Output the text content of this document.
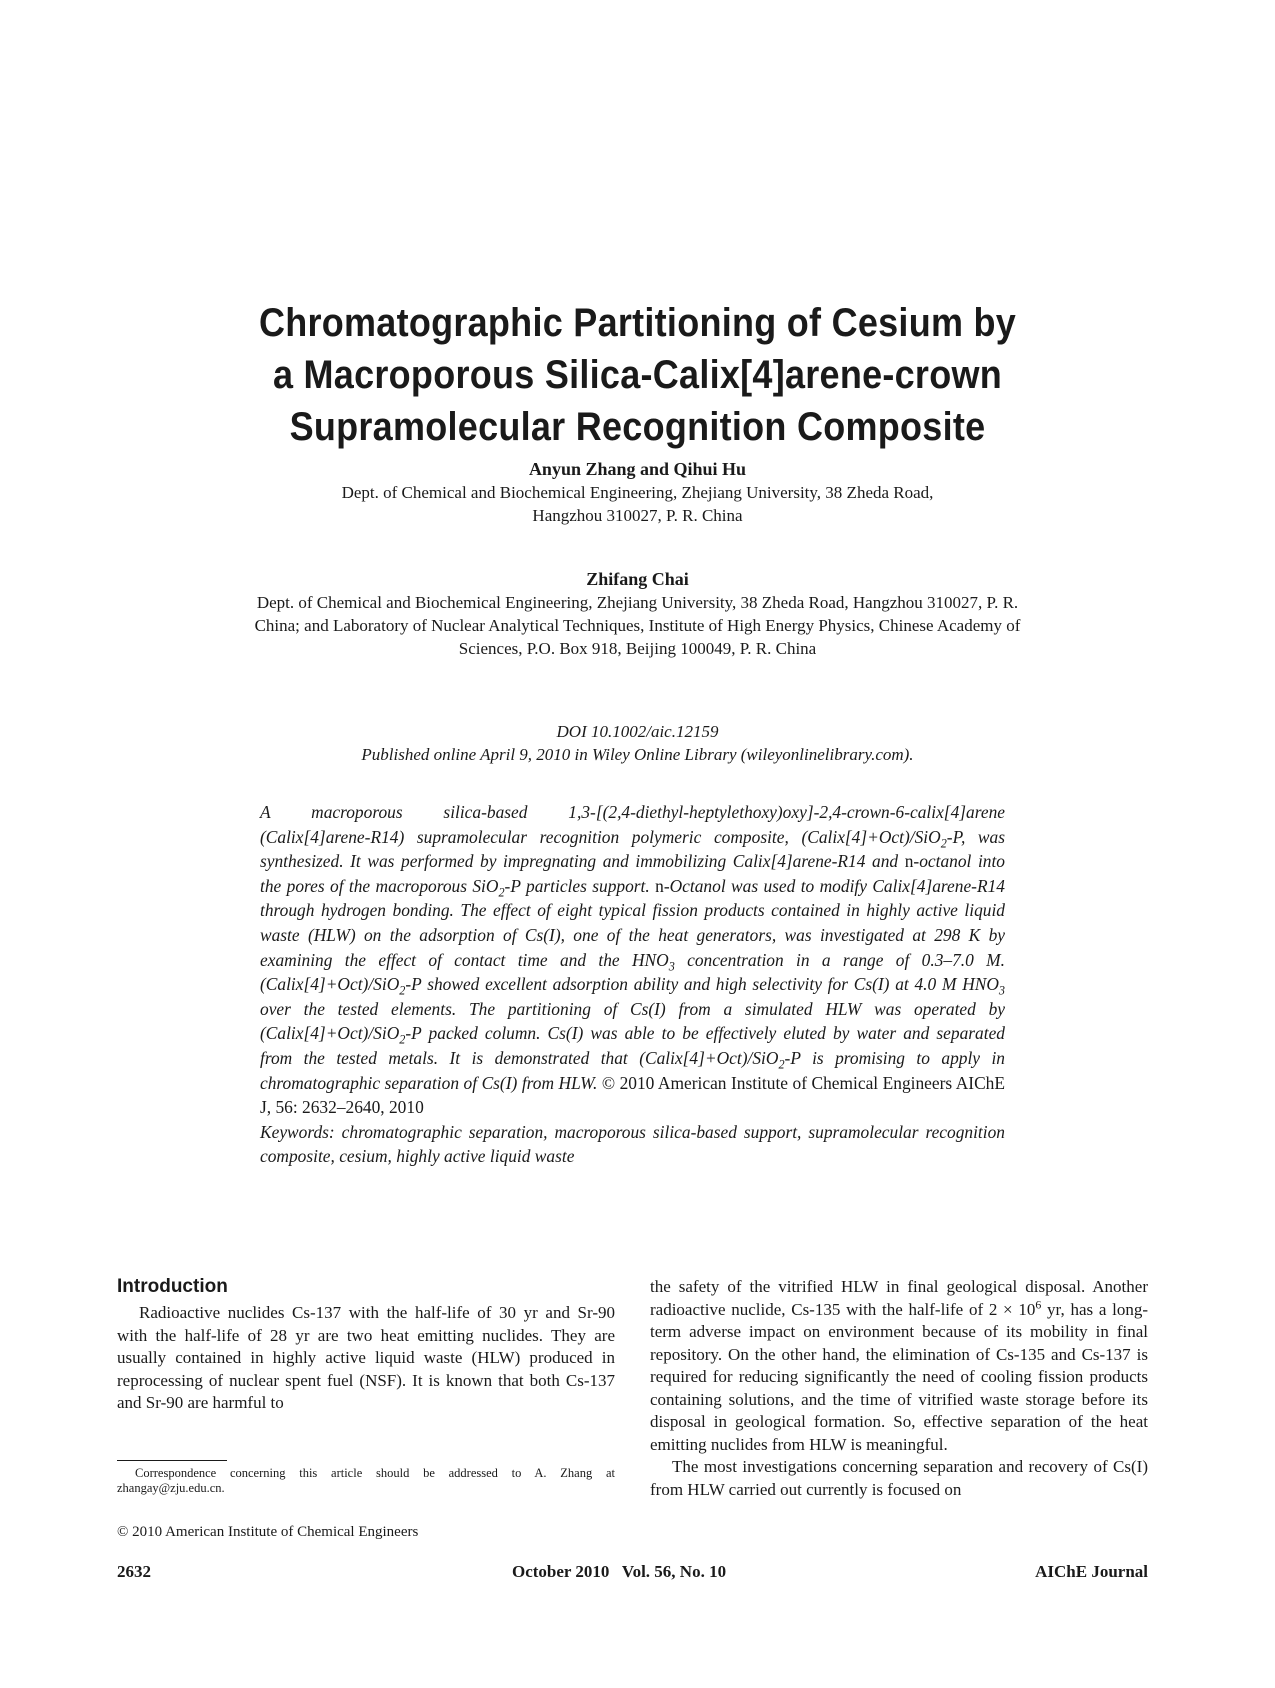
Chromatographic Partitioning of Cesium by
a Macroporous Silica-Calix[4]arene-crown
Supramolecular Recognition Composite
Anyun Zhang and Qihui Hu
Dept. of Chemical and Biochemical Engineering, Zhejiang University, 38 Zheda Road,
Hangzhou 310027, P. R. China
Zhifang Chai
Dept. of Chemical and Biochemical Engineering, Zhejiang University, 38 Zheda Road, Hangzhou 310027, P. R.
China; and Laboratory of Nuclear Analytical Techniques, Institute of High Energy Physics, Chinese Academy of
Sciences, P.O. Box 918, Beijing 100049, P. R. China
DOI 10.1002/aic.12159
Published online April 9, 2010 in Wiley Online Library (wileyonlinelibrary.com).

A macroporous silica-based 1,3-[(2,4-diethyl-heptylethoxy)oxy]-2,4-crown-6-calix[4]arene (Calix[4]arene-R14) supramolecular recognition polymeric composite, (Calix[4]+Oct)/SiO$_2$-P, was synthesized. It was performed by impregnating and immobilizing Calix[4]arene-R14 and n-octanol into the pores of the macroporous SiO$_2$-P particles support. n-Octanol was used to modify Calix[4]arene-R14 through hydrogen bonding. The effect of eight typical fission products contained in highly active liquid waste (HLW) on the adsorption of Cs(I), one of the heat generators, was investigated at 298 K by examining the effect of contact time and the $HNO_3$ concentration in a range of 0.3–7.0 M. (Calix[4]+Oct)/SiO$_2$-P showed excellent adsorption ability and high selectivity for Cs(I) at 4.0 M $HNO_3$ over the tested elements. The partitioning of Cs(I) from a simulated HLW was operated by (Calix[4]+Oct)/SiO$_2$-P packed column. Cs(I) was able to be effectively eluted by water and separated from the tested metals. It is demonstrated that (Calix[4]+Oct)/SiO$_2$-P is promising to apply in chromatographic separation of Cs(I) from HLW. © 2010 American Institute of Chemical Engineers AIChE J, 56: 2632–2640, 2010

Keywords: chromatographic separation, macroporous silica-based support, supramolecular recognition composite, cesium, highly active liquid waste

Introduction

Radioactive nuclides Cs-137 with the half-life of 30 yr and Sr-90 with the half-life of 28 yr are two heat emitting nuclides. They are usually contained in highly active liquid waste (HLW) produced in reprocessing of nuclear spent fuel (NSF). It is known that both Cs-137 and Sr-90 are harmful to

the safety of the vitrified HLW in final geological disposal. Another radioactive nuclide, Cs-135 with the half-life of $2 \times 10^6$ yr, has a long-term adverse impact on environment because of its mobility in final repository. On the other hand, the elimination of Cs-135 and Cs-137 is required for reducing significantly the need of cooling fission products containing solutions, and the time of vitrified waste storage before its disposal in geological formation. So, effective separation of the heat emitting nuclides from HLW is meaningful.

The most investigations concerning separation and recovery of Cs(I) from HLW carried out currently is focused on

Correspondence concerning this article should be addressed to A. Zhang at zhangay@zju.edu.cn.
© 2010 American Institute of Chemical Engineers
2632	October 2010   Vol. 56, No. 10	AIChE Journal
